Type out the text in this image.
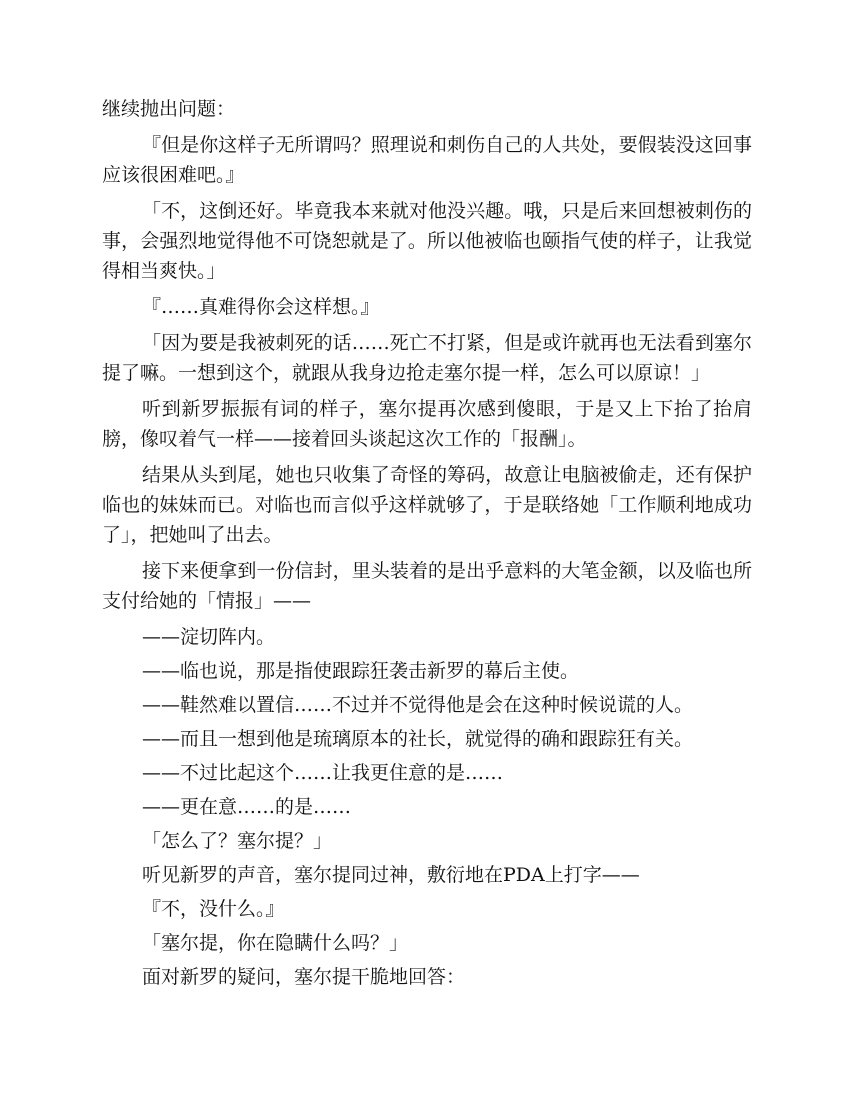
继续抛出问题：

『但是你这样子无所谓吗？照理说和刺伤自己的人共处，要假装没这回事应该很困难吧。』

「不，这倒还好。毕竟我本来就对他没兴趣。哦，只是后来回想被刺伤的事，会强烈地觉得他不可饶恕就是了。所以他被临也颐指气使的样子，让我觉得相当爽快。」

『……真难得你会这样想。』

「因为要是我被刺死的话……死亡不打紧，但是或许就再也无法看到塞尔提了嘛。一想到这个，就跟从我身边抢走塞尔提一样，怎么可以原谅！」

听到新罗振振有词的样子，塞尔提再次感到傻眼，于是又上下抬了抬肩膀，像叹着气一样——接着回头谈起这次工作的「报酬」。

结果从头到尾，她也只收集了奇怪的筹码，故意让电脑被偷走，还有保护临也的妹妹而已。对临也而言似乎这样就够了，于是联络她「工作顺利地成功了」，把她叫了出去。

接下来便拿到一份信封，里头装着的是出乎意料的大笔金额，以及临也所支付给她的「情报」——

——淀切阵内。

——临也说，那是指使跟踪狂袭击新罗的幕后主使。

——鞋然难以置信……不过并不觉得他是会在这种时候说谎的人。

——而且一想到他是琉璃原本的社长，就觉得的确和跟踪狂有关。

——不过比起这个……让我更住意的是……

——更在意……的是……

「怎么了？塞尔提？」

听见新罗的声音，塞尔提同过神，敷衍地在PDA上打字——

『不，没什么。』

「塞尔提，你在隐瞒什么吗？」

面对新罗的疑问，塞尔提干脆地回答：
